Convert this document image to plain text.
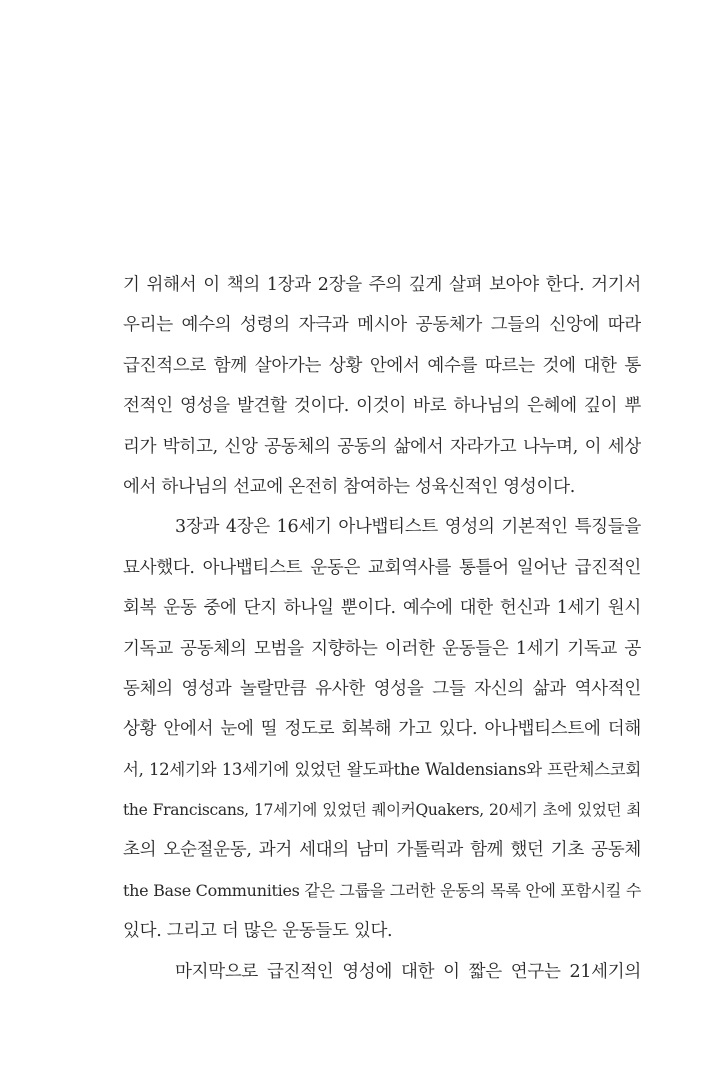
기 위해서 이 책의 1장과 2장을 주의 깊게 살펴 보아야 한다. 거기서
우리는 예수의 성령의 자극과 메시아 공동체가 그들의 신앙에 따라
급진적으로 함께 살아가는 상황 안에서 예수를 따르는 것에 대한 통
전적인 영성을 발견할 것이다. 이것이 바로 하나님의 은혜에 깊이 뿌
리가 박히고, 신앙 공동체의 공동의 삶에서 자라가고 나누며, 이 세상
에서 하나님의 선교에 온전히 참여하는 성육신적인 영성이다.
3장과 4장은 16세기 아나뱁티스트 영성의 기본적인 특징들을
묘사했다. 아나뱁티스트 운동은 교회역사를 통틀어 일어난 급진적인
회복 운동 중에 단지 하나일 뿐이다. 예수에 대한 헌신과 1세기 원시
기독교 공동체의 모범을 지향하는 이러한 운동들은 1세기 기독교 공
동체의 영성과 놀랄만큼 유사한 영성을 그들 자신의 삶과 역사적인
상황 안에서 눈에 띨 정도로 회복해 가고 있다. 아나뱁티스트에 더해
서, 12세기와 13세기에 있었던 왈도파the Waldensians와 프란체스코회
the Franciscans, 17세기에 있었던 퀘이커Quakers, 20세기 초에 있었던 최
초의 오순절운동, 과거 세대의 남미 가톨릭과 함께 했던 기초 공동체
the Base Communities 같은 그룹을 그러한 운동의 목록 안에 포함시킬 수
있다. 그리고 더 많은 운동들도 있다.
마지막으로 급진적인 영성에 대한 이 짧은 연구는 21세기의
